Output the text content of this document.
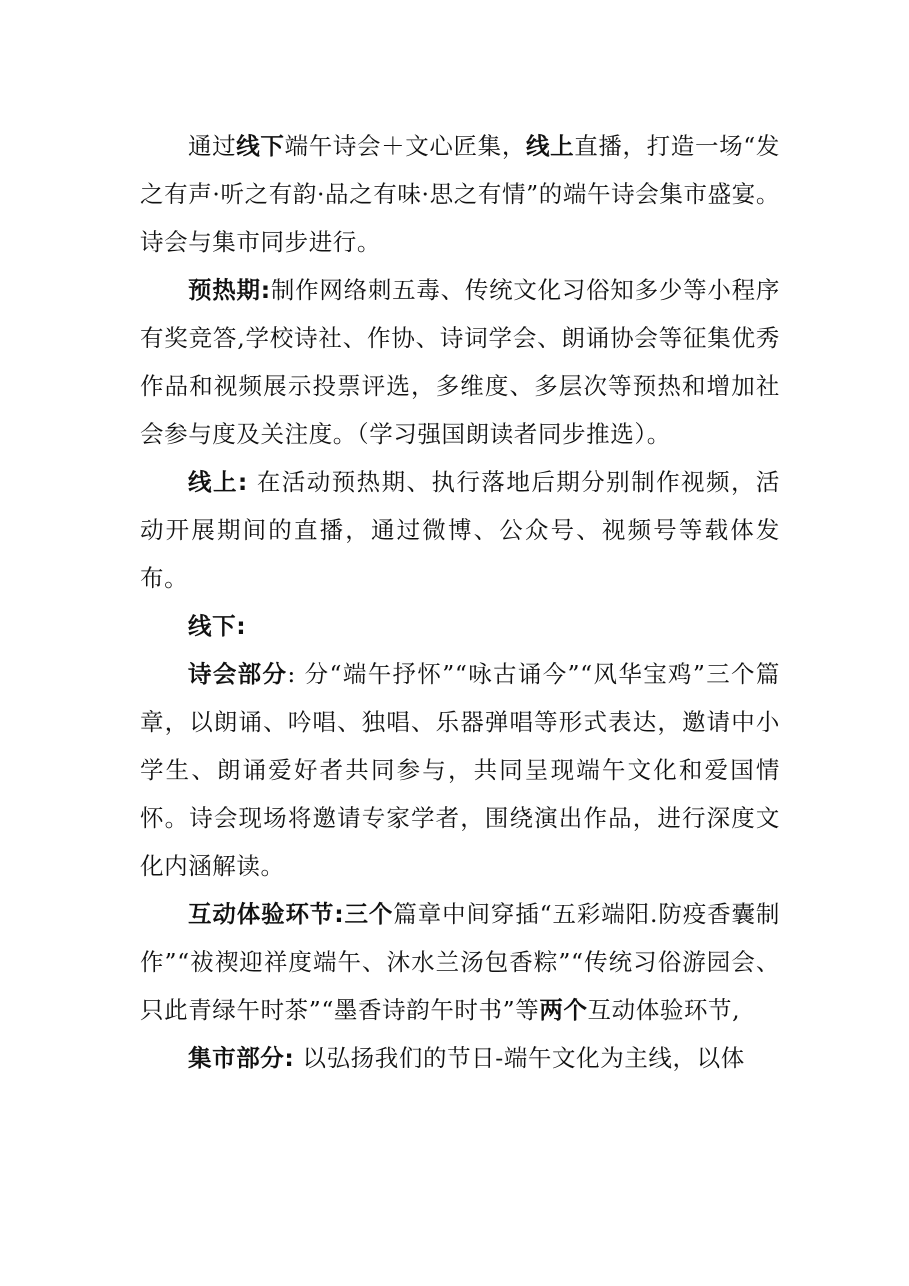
通过线下端午诗会＋文心匠集，线上直播，打造一场“发之有声·听之有韵·品之有味·思之有情”的端午诗会集市盛宴。诗会与集市同步进行。

预热期:制作网络刺五毒、传统文化习俗知多少等小程序有奖竞答,学校诗社、作协、诗词学会、朗诵协会等征集优秀作品和视频展示投票评选，多维度、多层次等预热和增加社会参与度及关注度。（学习强国朗读者同步推选）。

线上: 在活动预热期、执行落地后期分别制作视频，活动开展期间的直播，通过微博、公众号、视频号等载体发布。

线下:

诗会部分: 分“端午抒怀”“咏古诵今”“风华宝鸡”三个篇章，以朗诵、吟唱、独唱、乐器弹唱等形式表达，邀请中小学生、朗诵爱好者共同参与，共同呈现端午文化和爱国情怀。诗会现场将邀请专家学者，围绕演出作品，进行深度文化内涵解读。

互动体验环节:三个篇章中间穿插“五彩端阳.防疫香囊制作”“祓禊迎祥度端午、沐水兰汤包香粽”“传统习俗游园会、只此青绿午时茶”“墨香诗韵午时书”等两个互动体验环节,

集市部分: 以弘扬我们的节日-端午文化为主线，以体
